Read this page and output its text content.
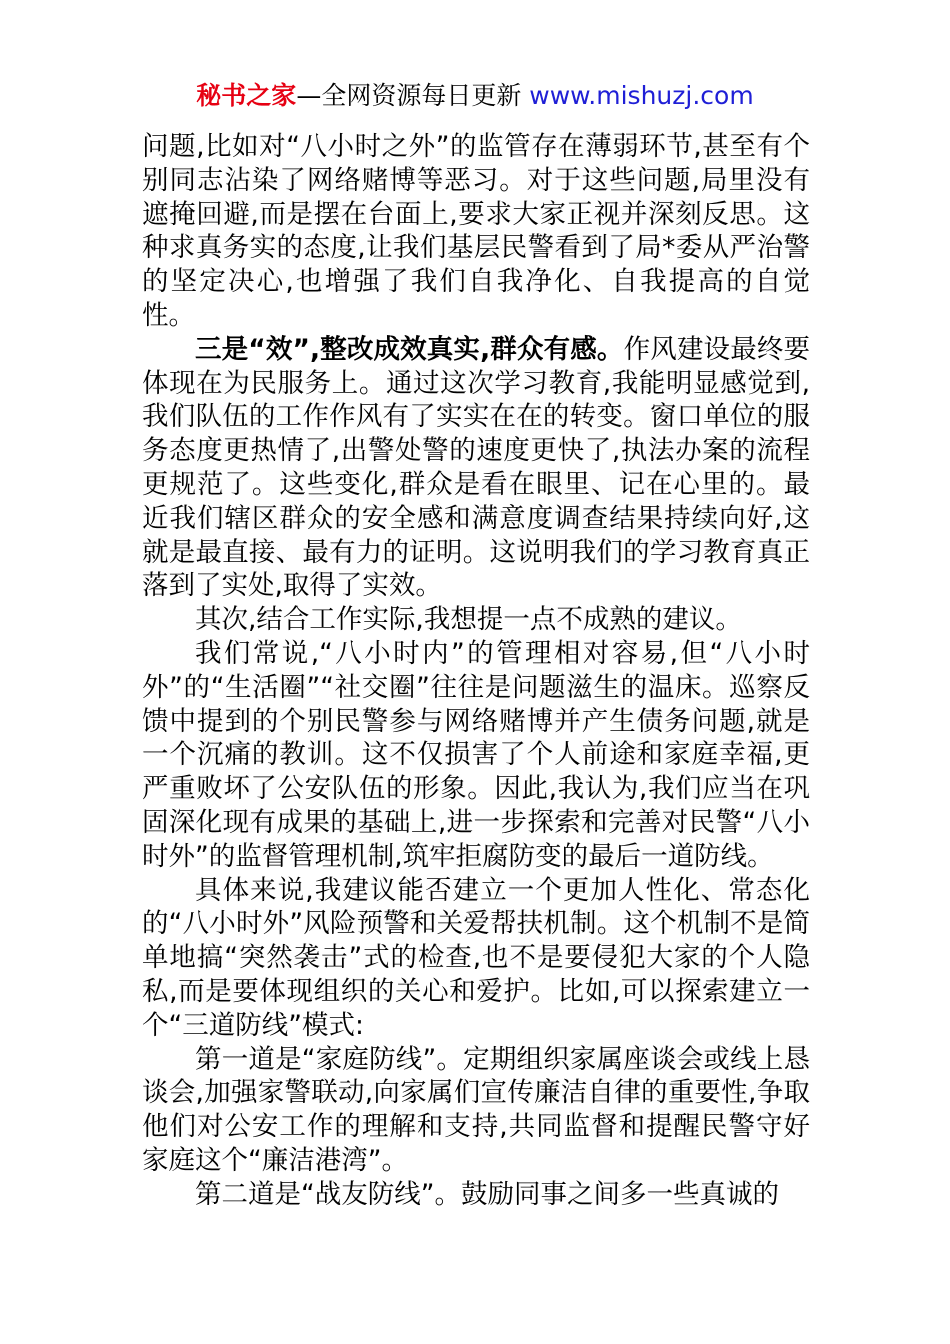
秘书之家—全网资源每日更新 www.mishuzj.com

问题,比如对“八小时之外”的监管存在薄弱环节,甚至有个别同志沾染了网络赌博等恶习。对于这些问题,局里没有遮掩回避,而是摆在台面上,要求大家正视并深刻反思。这种求真务实的态度,让我们基层民警看到了局*委从严治警的坚定决心,也增强了我们自我净化、自我提高的自觉性。

三是“效”,整改成效真实,群众有感。作风建设最终要体现在为民服务上。通过这次学习教育,我能明显感觉到,我们队伍的工作作风有了实实在在的转变。窗口单位的服务态度更热情了,出警处警的速度更快了,执法办案的流程更规范了。这些变化,群众是看在眼里、记在心里的。最近我们辖区群众的安全感和满意度调查结果持续向好,这就是最直接、最有力的证明。这说明我们的学习教育真正落到了实处,取得了实效。

其次,结合工作实际,我想提一点不成熟的建议。

我们常说,“八小时内”的管理相对容易,但“八小时外”的“生活圈”“社交圈”往往是问题滋生的温床。巡察反馈中提到的个别民警参与网络赌博并产生债务问题,就是一个沉痛的教训。这不仅损害了个人前途和家庭幸福,更严重败坏了公安队伍的形象。因此,我认为,我们应当在巩固深化现有成果的基础上,进一步探索和完善对民警“八小时外”的监督管理机制,筑牢拒腐防变的最后一道防线。

具体来说,我建议能否建立一个更加人性化、常态化的“八小时外”风险预警和关爱帮扶机制。这个机制不是简单地搞“突然袭击”式的检查,也不是要侵犯大家的个人隐私,而是要体现组织的关心和爱护。比如,可以探索建立一个“三道防线”模式:

第一道是“家庭防线”。定期组织家属座谈会或线上恳谈会,加强家警联动,向家属们宣传廉洁自律的重要性,争取他们对公安工作的理解和支持,共同监督和提醒民警守好家庭这个“廉洁港湾”。

第二道是“战友防线”。鼓励同事之间多一些真诚的
